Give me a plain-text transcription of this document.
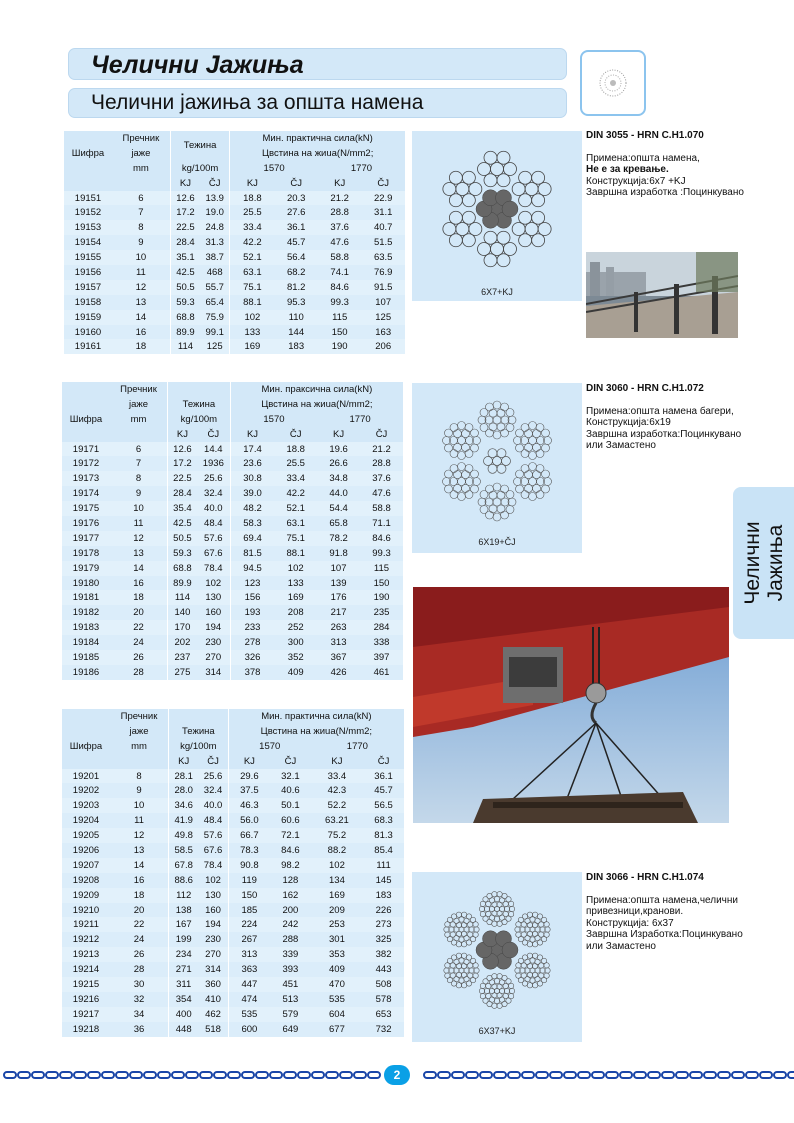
Челични Јажиња
Челични јажиња за општа намена
Шифра	Пречник	Тежина		Мин. практична сила(kN)			
	јаже			Цвстина на жиuа(N/mm2;			
	mm	kg/100m		1570		1770	
		KJ	ČJ	KJ	ČJ	KJ	ČJ
19151	6	12.6	13.9	18.8	20.3	21.2	22.9
19152	7	17.2	19.0	25.5	27.6	28.8	31.1
19153	8	22.5	24.8	33.4	36.1	37.6	40.7
19154	9	28.4	31.3	42.2	45.7	47.6	51.5
19155	10	35.1	38.7	52.1	56.4	58.8	63.5
19156	11	42.5	468	63.1	68.2	74.1	76.9
19157	12	50.5	55.7	75.1	81.2	84.6	91.5
19158	13	59.3	65.4	88.1	95.3	99.3	107
19159	14	68.8	75.9	102	110	115	125
19160	16	89.9	99.1	133	144	150	163
19161	18	114	125	169	183	190	206
	Пречник			Мин. праксична сила(kN)			
	јаже	Тежина		Цвстина на жиuа(N/mm2;			
Шифра	mm	kg/100m		1570		1770	
		KJ	ČJ	KJ	ČJ	KJ	ČJ
19171	6	12.6	14.4	17.4	18.8	19.6	21.2
19172	7	17.2	1936	23.6	25.5	26.6	28.8
19173	8	22.5	25.6	30.8	33.4	34.8	37.6
19174	9	28.4	32.4	39.0	42.2	44.0	47.6
19175	10	35.4	40.0	48.2	52.1	54.4	58.8
19176	11	42.5	48.4	58.3	63.1	65.8	71.1
19177	12	50.5	57.6	69.4	75.1	78.2	84.6
19178	13	59.3	67.6	81.5	88.1	91.8	99.3
19179	14	68.8	78.4	94.5	102	107	115
19180	16	89.9	102	123	133	139	150
19181	18	114	130	156	169	176	190
19182	20	140	160	193	208	217	235
19183	22	170	194	233	252	263	284
19184	24	202	230	278	300	313	338
19185	26	237	270	326	352	367	397
19186	28	275	314	378	409	426	461
	Пречник			Мин. практична сила(kN)			
	јаже	Тежина		Цвстина на жиuа(N/mm2;			
Шифра	mm	kg/100m		1570		1770	
		KJ	ČJ	KJ	ČJ	KJ	ČJ
19201	8	28.1	25.6	29.6	32.1	33.4	36.1
19202	9	28.0	32.4	37.5	40.6	42.3	45.7
19203	10	34.6	40.0	46.3	50.1	52.2	56.5
19204	11	41.9	48.4	56.0	60.6	63.21	68.3
19205	12	49.8	57.6	66.7	72.1	75.2	81.3
19206	13	58.5	67.6	78.3	84.6	88.2	85.4
19207	14	67.8	78.4	90.8	98.2	102	111
19208	16	88.6	102	119	128	134	145
19209	18	112	130	150	162	169	183
19210	20	138	160	185	200	209	226
19211	22	167	194	224	242	253	273
19212	24	199	230	267	288	301	325
19213	26	234	270	313	339	353	382
19214	28	271	314	363	393	409	443
19215	30	311	360	447	451	470	508
19216	32	354	410	474	513	535	578
19217	34	400	462	535	579	604	653
19218	36	448	518	600	649	677	732
6X7+KJ
6X19+ČJ
6X37+KJ
DIN 3055 - HRN C.H1.070
Примена:општа намена,
Не е за кревање.
Конструкција:6x7 +KJ
Завршна изработка :Поцинкувано
DIN 3060 - HRN C.H1.072
Примена:општа намена багери,
Конструкција:6x19
Завршна изработка:Поцинкувано
или Замастено
DIN 3066 - HRN C.H1.074
Примена:општа намена,челични
привезници,кранови.
Конструкција: 6x37
Завршна Изработка:Поцинкувано
или Замастено
Челични
Јажиња
2
